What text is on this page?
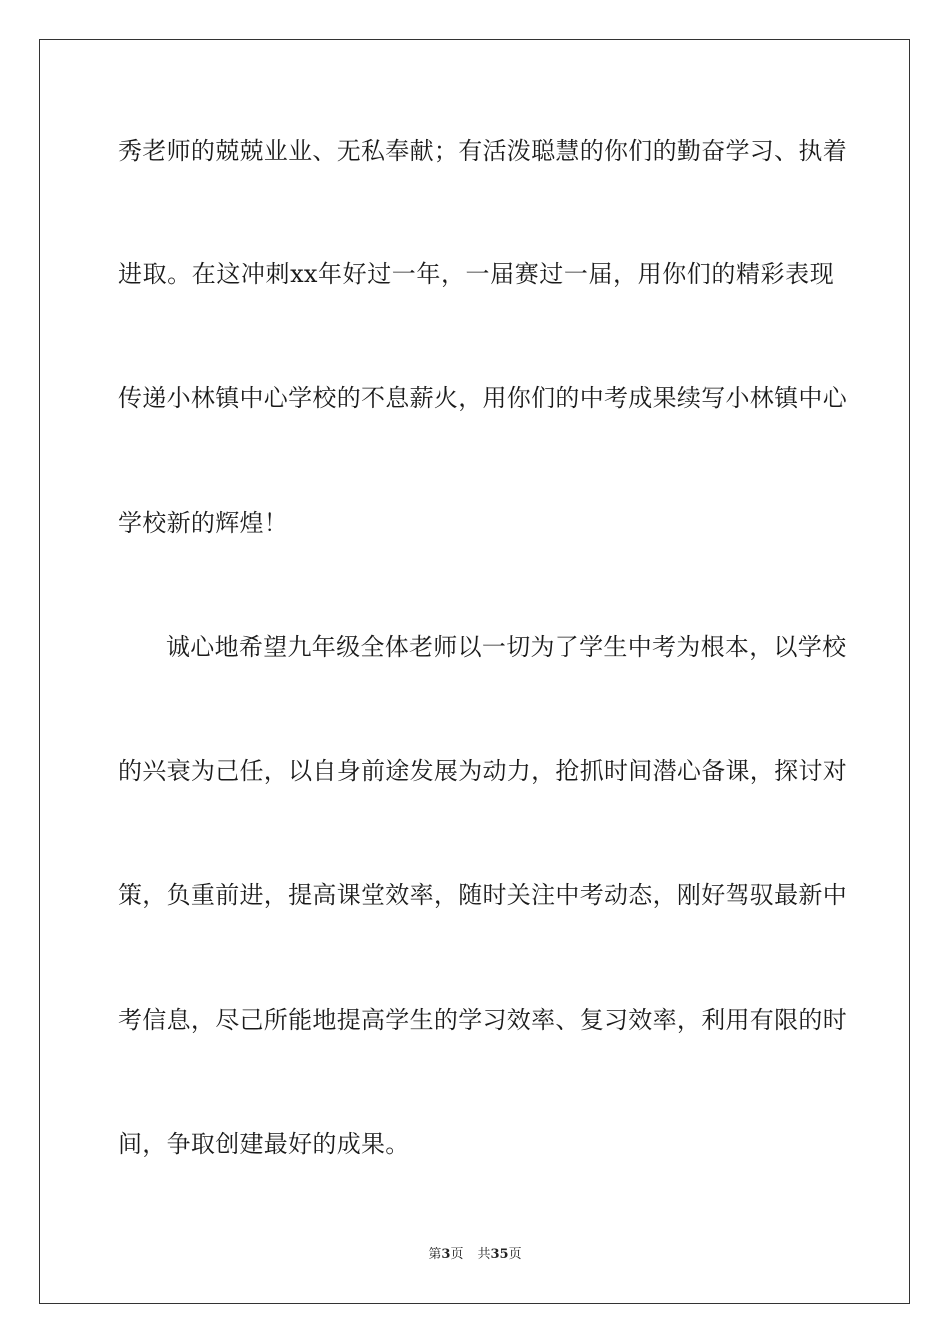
秀老师的兢兢业业、无私奉献；有活泼聪慧的你们的勤奋学习、执着
进取。在这冲刺xx年好过一年，一届赛过一届，用你们的精彩表现
传递小林镇中心学校的不息薪火，用你们的中考成果续写小林镇中心
学校新的辉煌！
诚心地希望九年级全体老师以一切为了学生中考为根本，以学校
的兴衰为己任，以自身前途发展为动力，抢抓时间潜心备课，探讨对
策，负重前进，提高课堂效率，随时关注中考动态，刚好驾驭最新中
考信息，尽己所能地提高学生的学习效率、复习效率，利用有限的时
间，争取创建最好的成果。
第3页 共35页
